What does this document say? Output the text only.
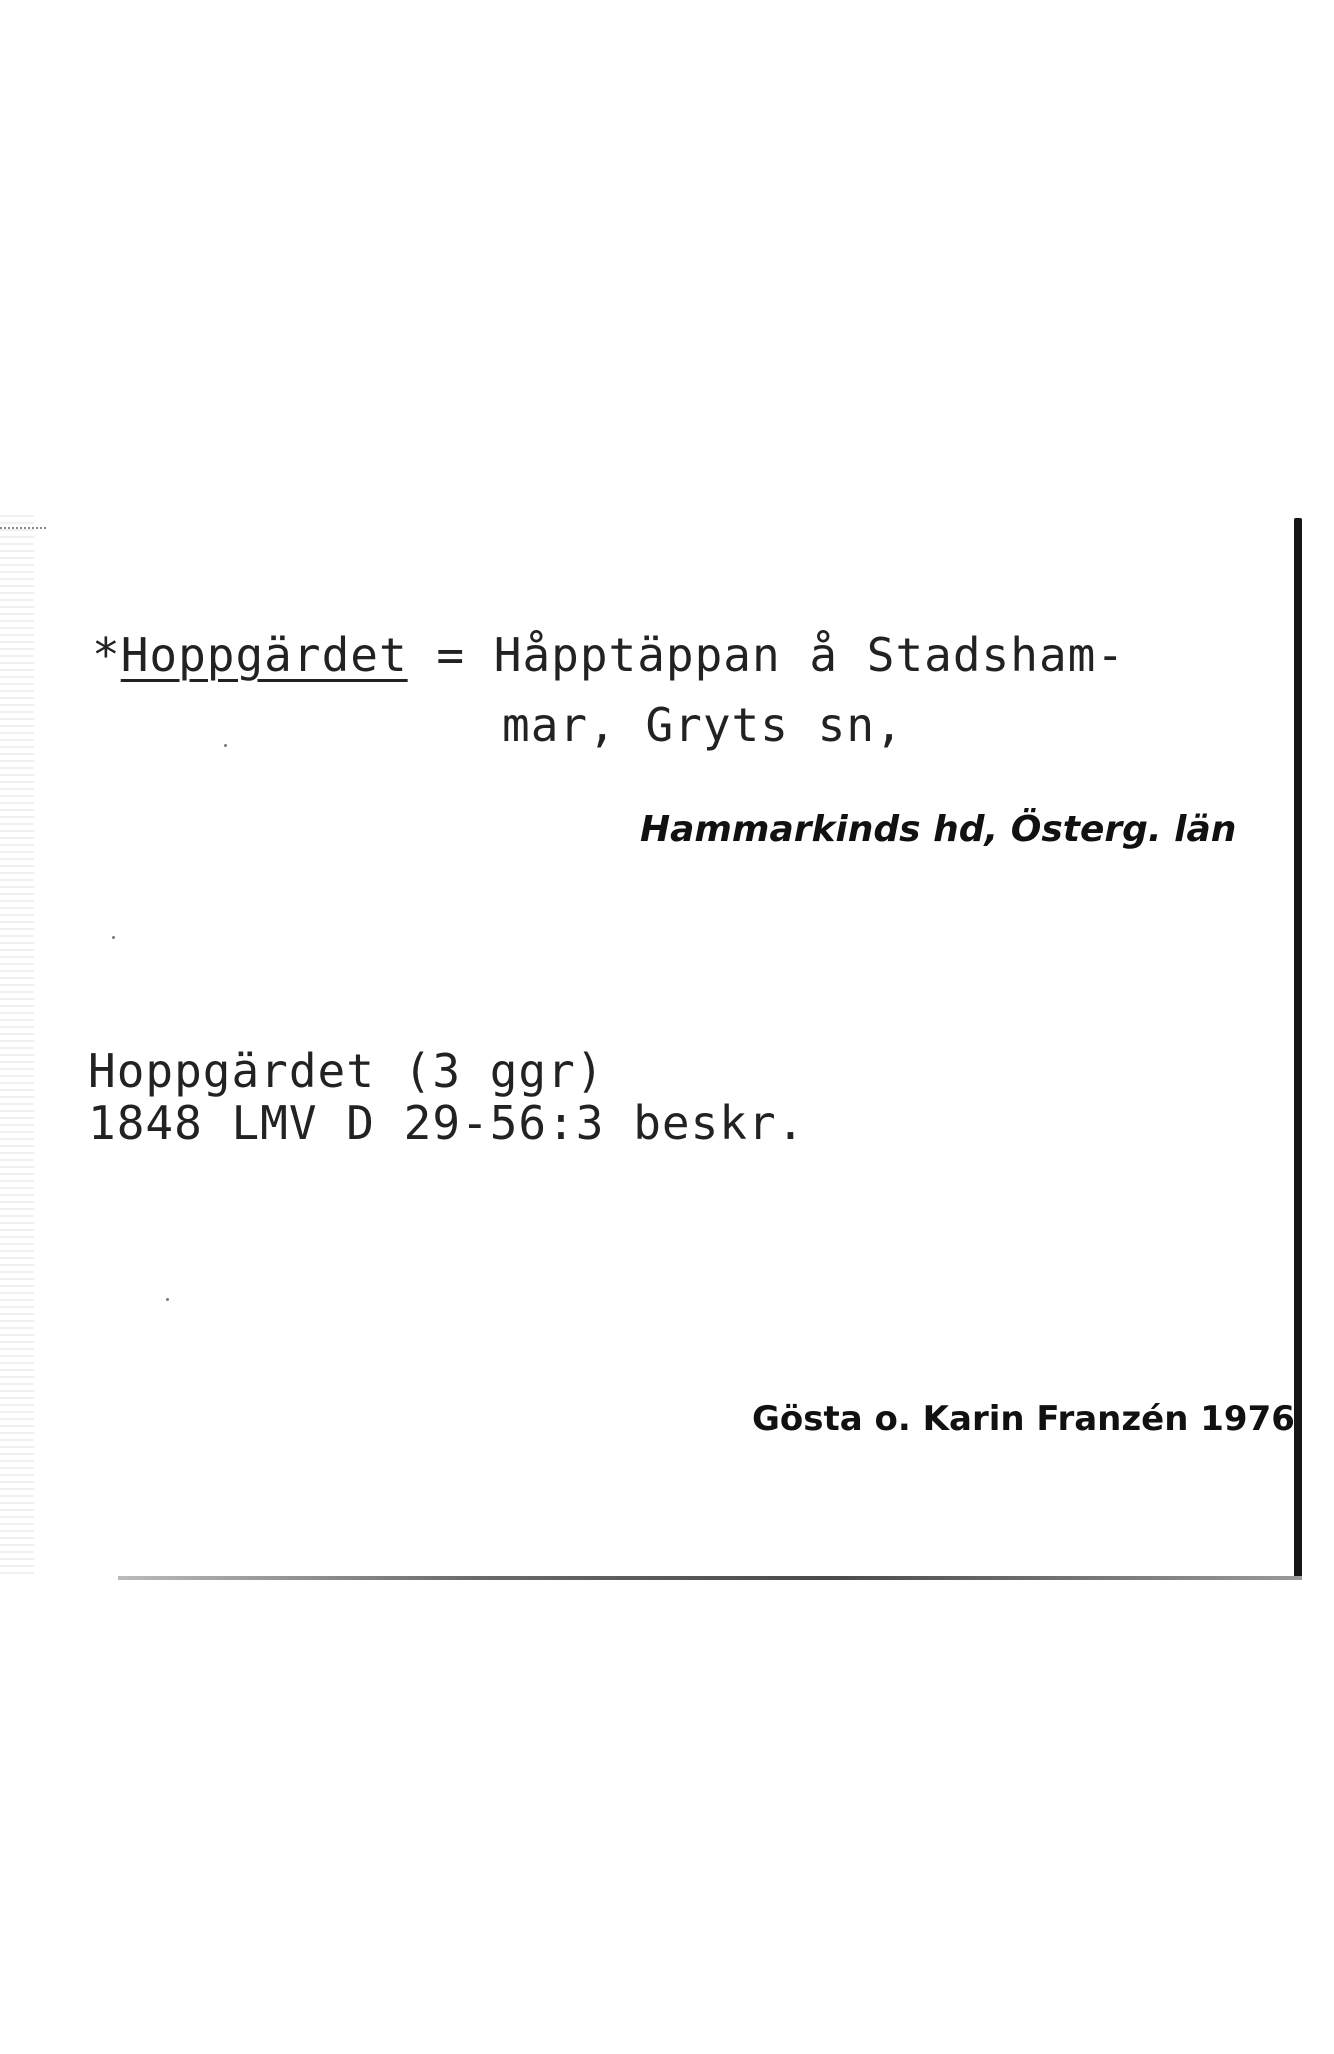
*Hoppgärdet = Håpptäppan å Stadsham-
mar, Gryts sn,
Hammarkinds hd, Österg. län
Hoppgärdet (3 ggr)
1848 LMV D 29-56:3 beskr.
Gösta o. Karin Franzén 1976
